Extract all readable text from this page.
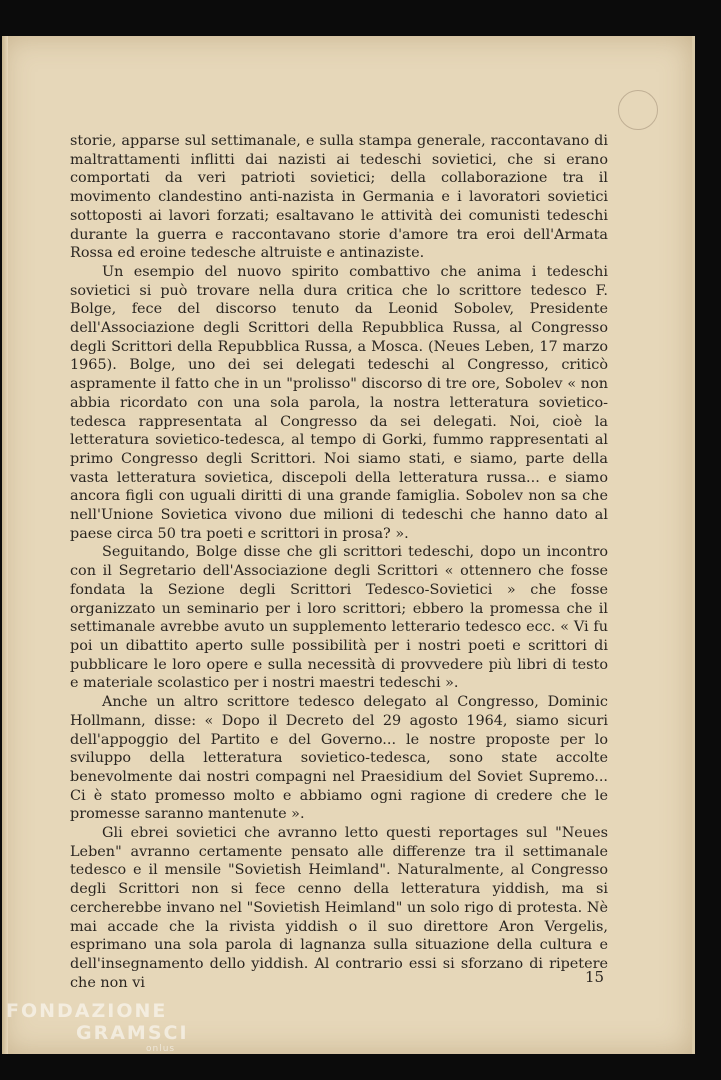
storie, apparse sul settimanale, e sulla stampa generale, raccontavano di maltrattamenti inflitti dai nazisti ai tedeschi sovietici, che si erano comportati da veri patrioti sovietici; della collaborazione tra il movimento clandestino anti-nazista in Germania e i lavoratori sovietici sottoposti ai lavori forzati; esaltavano le attività dei comunisti tedeschi durante la guerra e raccontavano storie d'amore tra eroi dell'Armata Rossa ed eroine tedesche altruiste e antinaziste.

Un esempio del nuovo spirito combattivo che anima i tedeschi sovietici si può trovare nella dura critica che lo scrittore tedesco F. Bolge, fece del discorso tenuto da Leonid Sobolev, Presidente dell'Associazione degli Scrittori della Repubblica Russa, al Congresso degli Scrittori della Repubblica Russa, a Mosca. (Neues Leben, 17 marzo 1965). Bolge, uno dei sei delegati tedeschi al Congresso, criticò aspramente il fatto che in un "prolisso" discorso di tre ore, Sobolev « non abbia ricordato con una sola parola, la nostra letteratura sovietico-tedesca rappresentata al Congresso da sei delegati. Noi, cioè la letteratura sovietico-tedesca, al tempo di Gorki, fummo rappresentati al primo Congresso degli Scrittori. Noi siamo stati, e siamo, parte della vasta letteratura sovietica, discepoli della letteratura russa... e siamo ancora figli con uguali diritti di una grande famiglia. Sobolev non sa che nell'Unione Sovietica vivono due milioni di tedeschi che hanno dato al paese circa 50 tra poeti e scrittori in prosa? ».

Seguitando, Bolge disse che gli scrittori tedeschi, dopo un incontro con il Segretario dell'Associazione degli Scrittori « ottennero che fosse fondata la Sezione degli Scrittori Tedesco-Sovietici » che fosse organizzato un seminario per i loro scrittori; ebbero la promessa che il settimanale avrebbe avuto un supplemento letterario tedesco ecc. « Vi fu poi un dibattito aperto sulle possibilità per i nostri poeti e scrittori di pubblicare le loro opere e sulla necessità di provvedere più libri di testo e materiale scolastico per i nostri maestri tedeschi ».

Anche un altro scrittore tedesco delegato al Congresso, Dominic Hollmann, disse: « Dopo il Decreto del 29 agosto 1964, siamo sicuri dell'appoggio del Partito e del Governo... le nostre proposte per lo sviluppo della letteratura sovietico-tedesca, sono state accolte benevolmente dai nostri compagni nel Praesidium del Soviet Supremo... Ci è stato promesso molto e abbiamo ogni ragione di credere che le promesse saranno mantenute ».

Gli ebrei sovietici che avranno letto questi reportages sul "Neues Leben" avranno certamente pensato alle differenze tra il settimanale tedesco e il mensile "Sovietish Heimland". Naturalmente, al Congresso degli Scrittori non si fece cenno della letteratura yiddish, ma si cercherebbe invano nel "Sovietish Heimland" un solo rigo di protesta. Nè mai accade che la rivista yiddish o il suo direttore Aron Vergelis, esprimano una sola parola di lagnanza sulla situazione della cultura e dell'insegnamento dello yiddish. Al contrario essi si sforzano di ripetere che non vi	15
FONDAZIONE
GRAMSCI
onlus
